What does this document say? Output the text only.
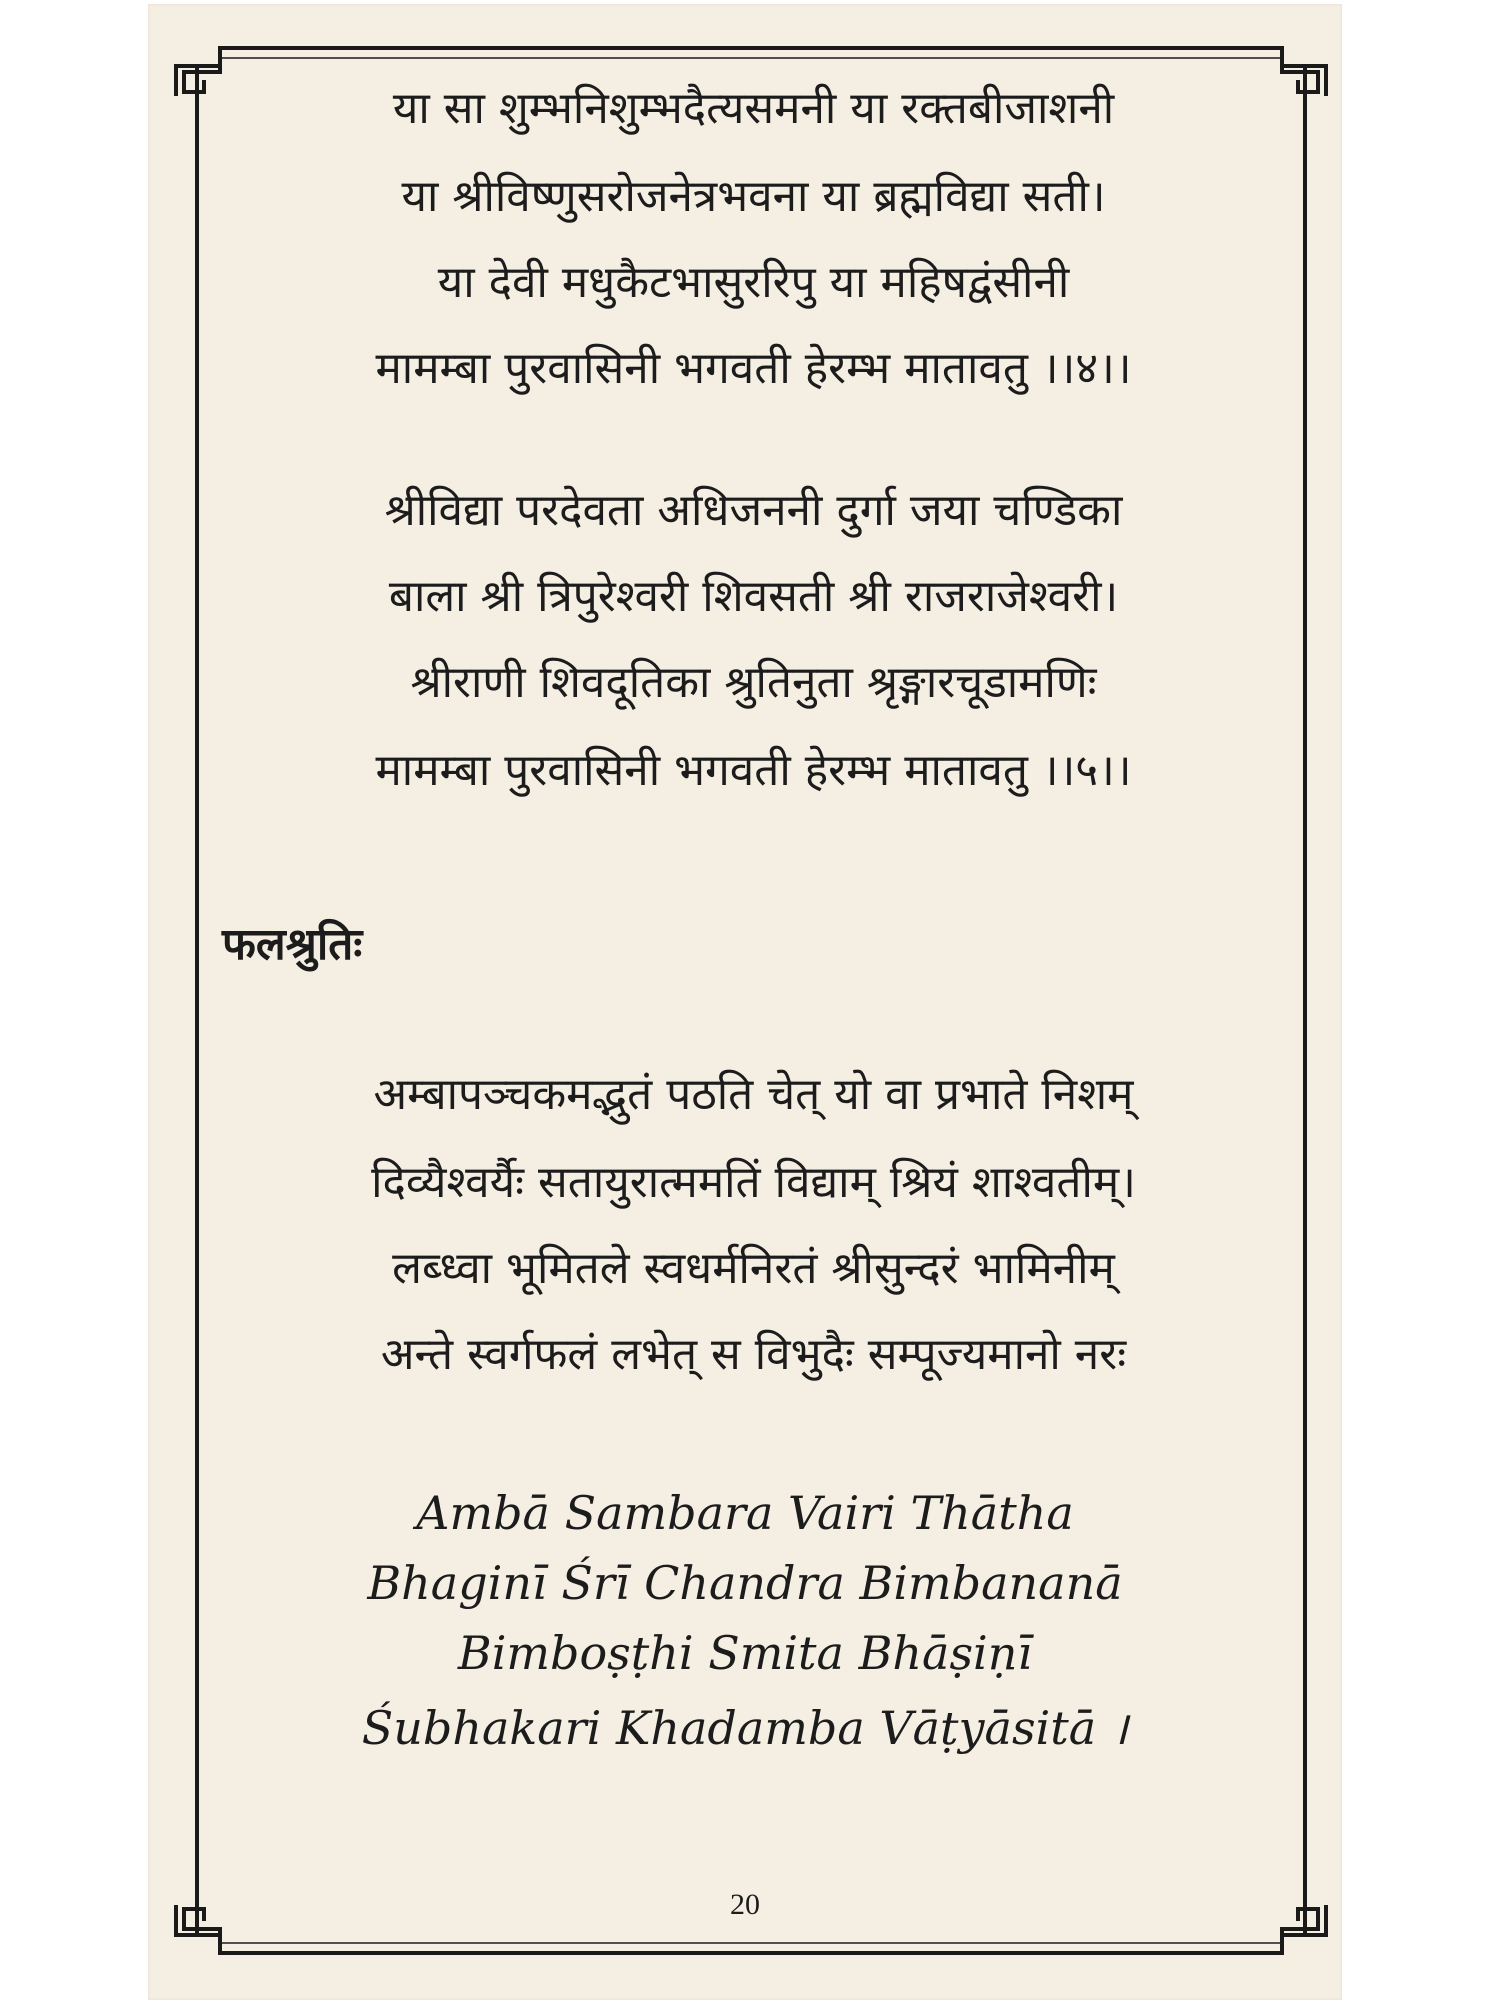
या सा शुम्भनिशुम्भदैत्यसमनी या रक्तबीजाशनी
या श्रीविष्णुसरोजनेत्रभवना या ब्रह्मविद्या सती।
या देवी मधुकैटभासुररिपु या महिषद्वंसीनी
मामम्बा पुरवासिनी भगवती हेरम्भ मातावतु ।।४।।
श्रीविद्या परदेवता अधिजननी दुर्गा जया चण्डिका
बाला श्री त्रिपुरेश्वरी शिवसती श्री राजराजेश्वरी।
श्रीराणी शिवदूतिका श्रुतिनुता श्रृङ्गारचूडामणिः
मामम्बा पुरवासिनी भगवती हेरम्भ मातावतु ।।५।।
फलश्रुतिः
अम्बापञ्चकमद्भुतं पठति चेत् यो वा प्रभाते निशम्
दिव्यैश्वर्यैः सतायुरात्ममतिं विद्याम् श्रियं शाश्वतीम्।
लब्ध्वा भूमितले स्वधर्मनिरतं श्रीसुन्दरं भामिनीम्
अन्ते स्वर्गफलं लभेत् स विभुदैः सम्पूज्यमानो नरः
Ambā Sambara Vairi Thātha
Bhaginī Śrī Chandra Bimbananā
Bimboṣṭhi Smita Bhāṣiṇī
Śubhakari Khadamba Vāṭyāsitā ।
20
